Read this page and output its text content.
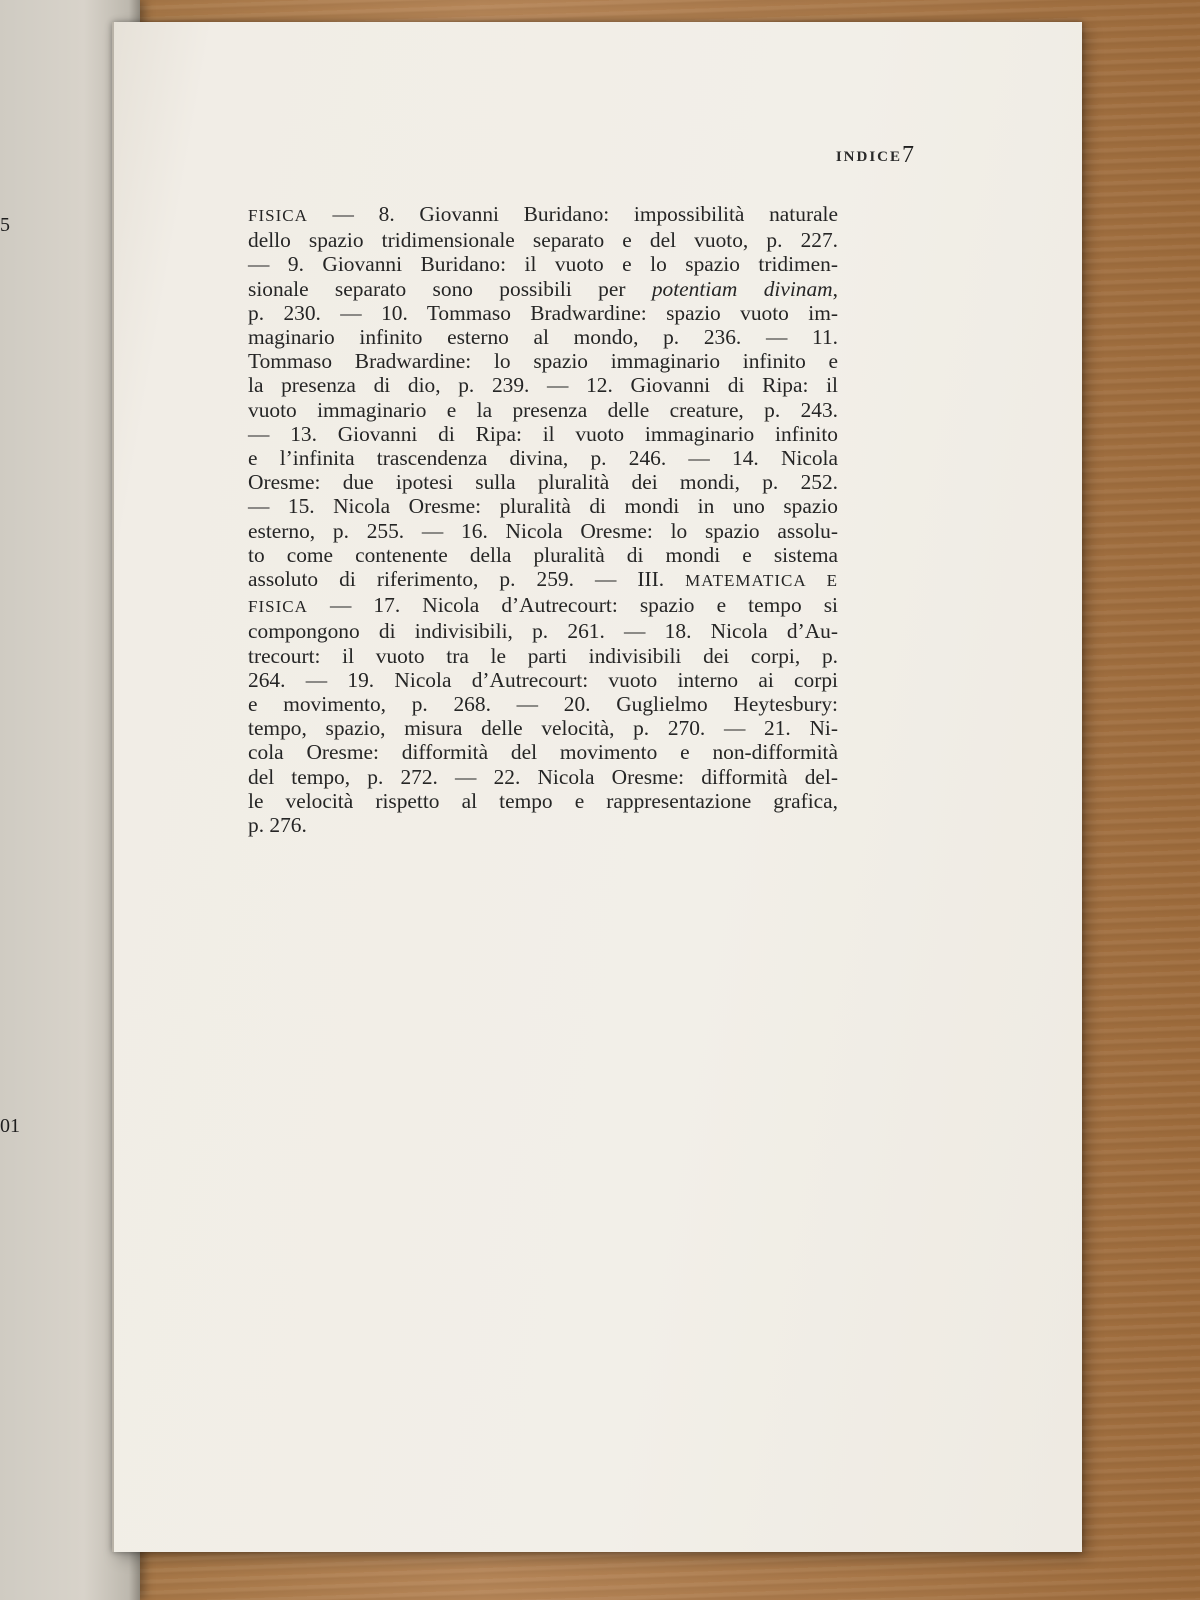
5
01
INDICE 7
FISICA — 8. Giovanni Buridano: impossibilità naturale
dello spazio tridimensionale separato e del vuoto, p. 227.
— 9. Giovanni Buridano: il vuoto e lo spazio tridimen-
sionale separato sono possibili per potentiam divinam,
p. 230. — 10. Tommaso Bradwardine: spazio vuoto im-
maginario infinito esterno al mondo, p. 236. — 11.
Tommaso Bradwardine: lo spazio immaginario infinito e
la presenza di dio, p. 239. — 12. Giovanni di Ripa: il
vuoto immaginario e la presenza delle creature, p. 243.
— 13. Giovanni di Ripa: il vuoto immaginario infinito
e l’infinita trascendenza divina, p. 246. — 14. Nicola
Oresme: due ipotesi sulla pluralità dei mondi, p. 252.
— 15. Nicola Oresme: pluralità di mondi in uno spazio
esterno, p. 255. — 16. Nicola Oresme: lo spazio assolu-
to come contenente della pluralità di mondi e sistema
assoluto di riferimento, p. 259. — III. MATEMATICA E
FISICA — 17. Nicola d’Autrecourt: spazio e tempo si
compongono di indivisibili, p. 261. — 18. Nicola d’Au-
trecourt: il vuoto tra le parti indivisibili dei corpi, p.
264. — 19. Nicola d’Autrecourt: vuoto interno ai corpi
e movimento, p. 268. — 20. Guglielmo Heytesbury:
tempo, spazio, misura delle velocità, p. 270. — 21. Ni-
cola Oresme: difformità del movimento e non-difformità
del tempo, p. 272. — 22. Nicola Oresme: difformità del-
le velocità rispetto al tempo e rappresentazione grafica,
p. 276.
